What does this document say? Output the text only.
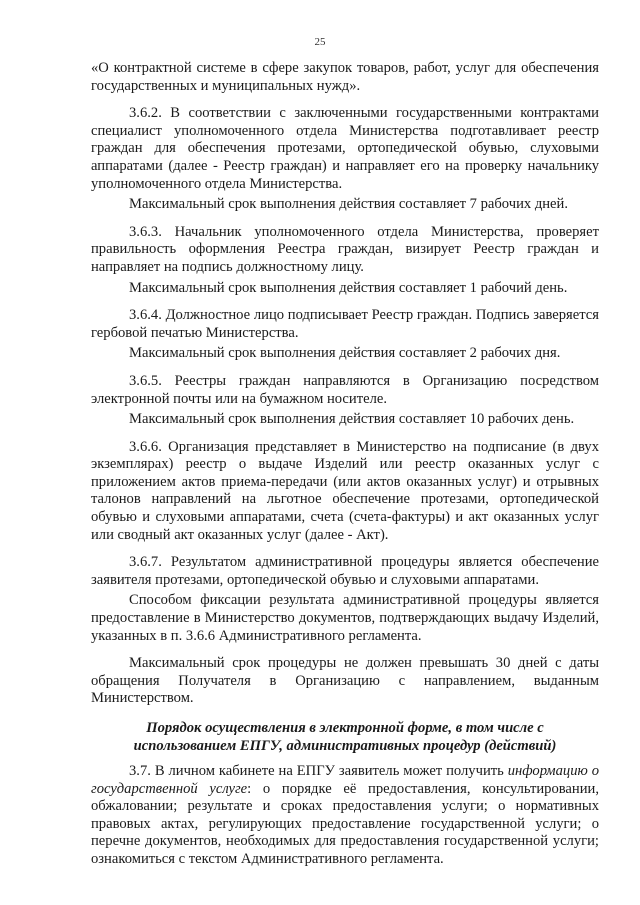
25

«О контрактной системе в сфере закупок товаров, работ, услуг для обеспечения государственных и муниципальных нужд».

3.6.2. В соответствии с заключенными государственными контрактами специалист уполномоченного отдела Министерства подготавливает реестр граждан для обеспечения протезами, ортопедической обувью, слуховыми аппаратами (далее - Реестр граждан) и направляет его на проверку начальнику уполномоченного отдела Министерства.

Максимальный срок выполнения действия составляет 7 рабочих дней.

3.6.3. Начальник уполномоченного отдела Министерства, проверяет правильность оформления Реестра граждан, визирует Реестр граждан и направляет на подпись должностному лицу.

Максимальный срок выполнения действия составляет 1 рабочий день.

3.6.4. Должностное лицо подписывает Реестр граждан. Подпись заверяется гербовой печатью Министерства.

Максимальный срок выполнения действия составляет 2 рабочих дня.

3.6.5. Реестры граждан направляются в Организацию посредством электронной почты или на бумажном носителе.

Максимальный срок выполнения действия составляет 10 рабочих день.

3.6.6. Организация представляет в Министерство на подписание (в двух экземплярах) реестр о выдаче Изделий или реестр оказанных услуг с приложением актов приема-передачи (или актов оказанных услуг) и отрывных талонов направлений на льготное обеспечение протезами, ортопедической обувью и слуховыми аппаратами, счета (счета-фактуры) и акт оказанных услуг или сводный акт оказанных услуг (далее - Акт).

3.6.7. Результатом административной процедуры является обеспечение заявителя протезами, ортопедической обувью и слуховыми аппаратами.

Способом фиксации результата административной процедуры является предоставление в Министерство документов, подтверждающих выдачу Изделий, указанных в п. 3.6.6 Административного регламента.

Максимальный срок процедуры не должен превышать 30 дней с даты обращения Получателя в Организацию с направлением, выданным Министерством.

Порядок осуществления в электронной форме, в том числе с использованием ЕПГУ, административных процедур (действий)

3.7. В личном кабинете на ЕПГУ заявитель может получить информацию о государственной услуге: о порядке её предоставления, консультировании, обжаловании; результате и сроках предоставления услуги; о нормативных правовых актах, регулирующих предоставление государственной услуги; о перечне документов, необходимых для предоставления государственной услуги; ознакомиться с текстом Административного регламента.
